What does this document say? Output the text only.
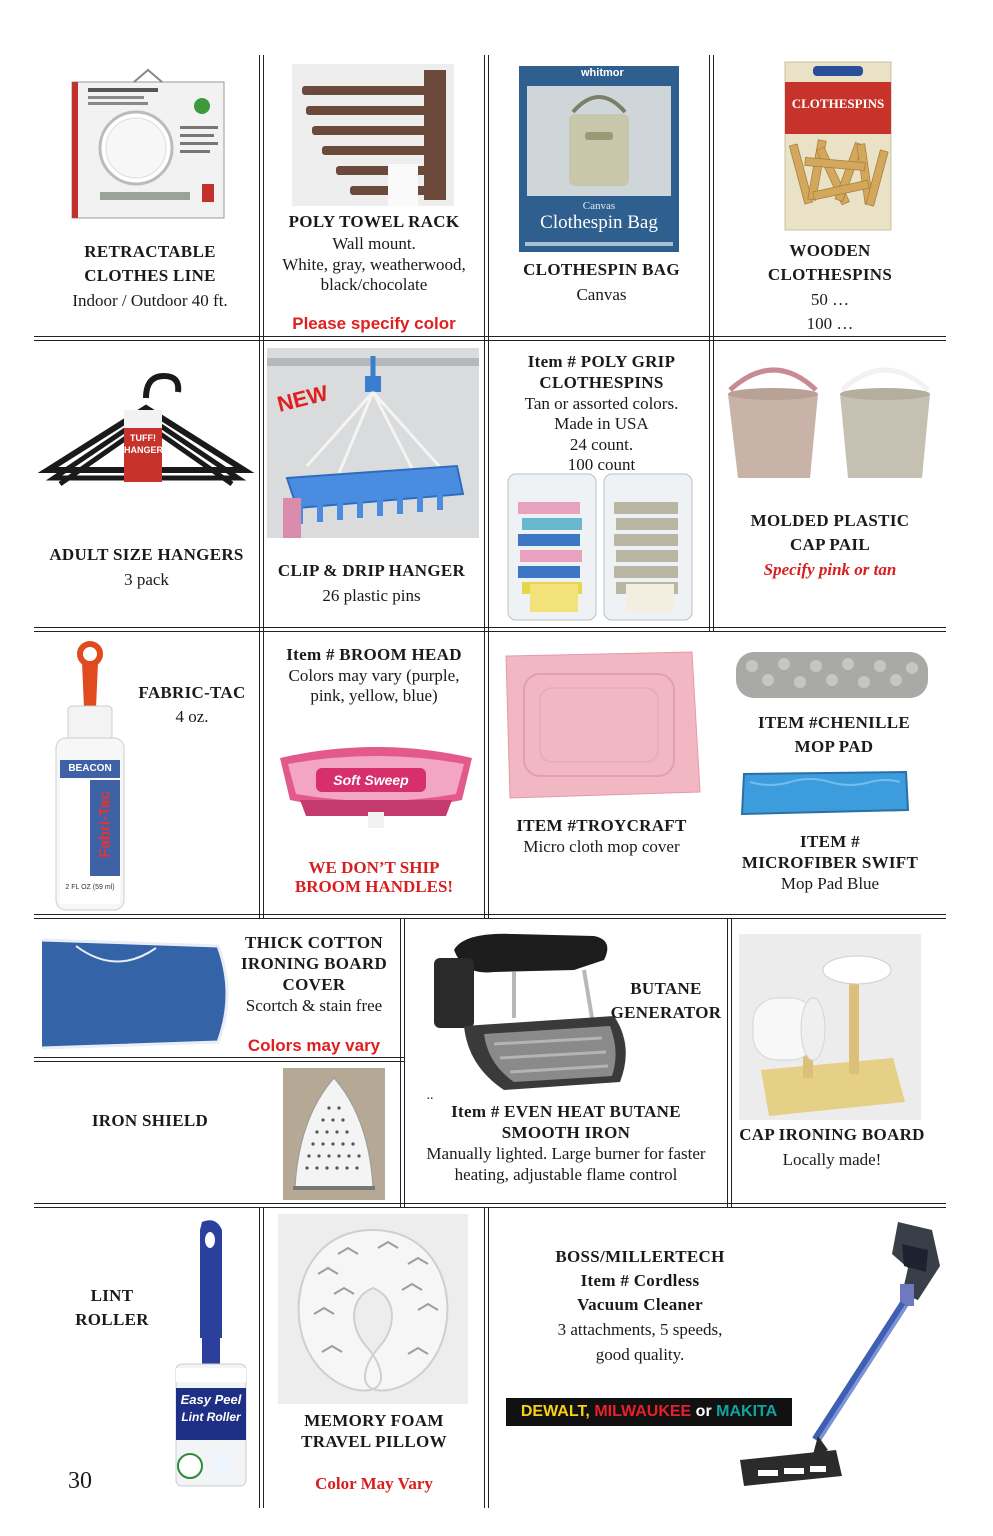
RETRACTABLE
CLOTHES LINE
Indoor / Outdoor 40 ft.
POLY TOWEL RACK
Wall mount.
White, gray, weatherwood,
black/chocolate
Please specify color
whitmor
Canvas
Clothespin Bag
CLOTHESPIN BAG
Canvas
CLOTHESPINS
WOODEN
CLOTHESPINS
50 …
100 …
TUFF! HANGERS
ADULT SIZE HANGERS
3 pack
NEW
CLIP & DRIP HANGER
26 plastic pins
Item # POLY GRIP
CLOTHESPINS
Tan or assorted colors.
Made in USA
24 count.
100 count
MOLDED PLASTIC
CAP PAIL
Specify pink or tan
BEACON
Fabri-Tac
2 FL OZ (59 ml)
FABRIC-TAC
4 oz.
Item # BROOM HEAD
Colors may vary (purple,
pink, yellow, blue)
Soft Sweep
WE DON’T SHIP
BROOM HANDLES!
ITEM #TROYCRAFT
Micro cloth mop cover
ITEM #CHENILLE
MOP PAD
ITEM #
MICROFIBER SWIFT
Mop Pad Blue
THICK COTTON
IRONING BOARD
COVER
Scortch & stain free
Colors may vary
IRON SHIELD
BUTANE
GENERATOR
..
Item # EVEN HEAT BUTANE
SMOOTH IRON
Manually lighted. Large burner for faster
heating, adjustable flame control
CAP IRONING BOARD
Locally made!
LINT
ROLLER
Easy Peel
Lint Roller
30
MEMORY FOAM
TRAVEL PILLOW
Color May Vary
BOSS/MILLERTECH
Item # Cordless
Vacuum Cleaner
3 attachments, 5 speeds,
good quality.
DEWALT, MILWAUKEE or MAKITA
